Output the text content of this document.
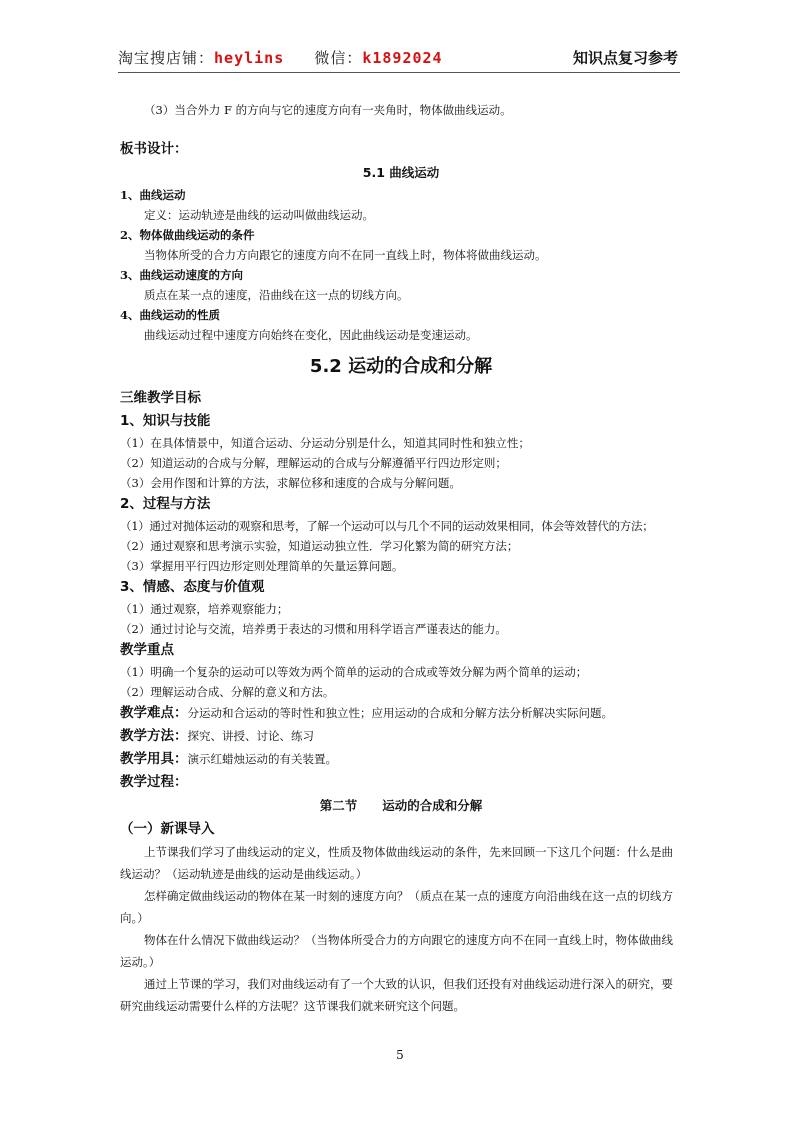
淘宝搜店铺：heylins 微信：k1892024	知识点复习参考

（3）当合外力 F 的方向与它的速度方向有一夹角时，物体做曲线运动。

板书设计：

5.1 曲线运动

1、曲线运动

定义：运动轨迹是曲线的运动叫做曲线运动。

2、物体做曲线运动的条件

当物体所受的合力方向跟它的速度方向不在同一直线上时，物体将做曲线运动。

3、曲线运动速度的方向

质点在某一点的速度，沿曲线在这一点的切线方向。

4、曲线运动的性质

曲线运动过程中速度方向始终在变化，因此曲线运动是变速运动。

5.2 运动的合成和分解

三维教学目标

1、知识与技能

（1）在具体情景中，知道合运动、分运动分别是什么，知道其同时性和独立性；

（2）知道运动的合成与分解，理解运动的合成与分解遵循平行四边形定则；

（3）会用作图和计算的方法，求解位移和速度的合成与分解问题。

2、过程与方法

（1）通过对抛体运动的观察和思考，了解一个运动可以与几个不同的运动效果相同，体会等效替代的方法；

（2）通过观察和思考演示实验，知道运动独立性．学习化繁为简的研究方法；

（3）掌握用平行四边形定则处理简单的矢量运算问题。

3、情感、态度与价值观

（1）通过观察，培养观察能力；

（2）通过讨论与交流，培养勇于表达的习惯和用科学语言严谨表达的能力。

教学重点

（1）明确一个复杂的运动可以等效为两个简单的运动的合成或等效分解为两个简单的运动；

（2）理解运动合成、分解的意义和方法。

教学难点：分运动和合运动的等时性和独立性；应用运动的合成和分解方法分析解决实际问题。

教学方法：探究、讲授、讨论、练习

教学用具：演示红蜡烛运动的有关装置。

教学过程：

第二节　　运动的合成和分解

（一）新课导入

上节课我们学习了曲线运动的定义，性质及物体做曲线运动的条件，先来回顾一下这几个问题：什么是曲线运动？（运动轨迹是曲线的运动是曲线运动。）

怎样确定做曲线运动的物体在某一时刻的速度方向？（质点在某一点的速度方向沿曲线在这一点的切线方向。）

物体在什么情况下做曲线运动？（当物体所受合力的方向跟它的速度方向不在同一直线上时，物体做曲线运动。）

通过上节课的学习，我们对曲线运动有了一个大致的认识，但我们还投有对曲线运动进行深入的研究，要研究曲线运动需要什么样的方法呢？这节课我们就来研究这个问题。

5
